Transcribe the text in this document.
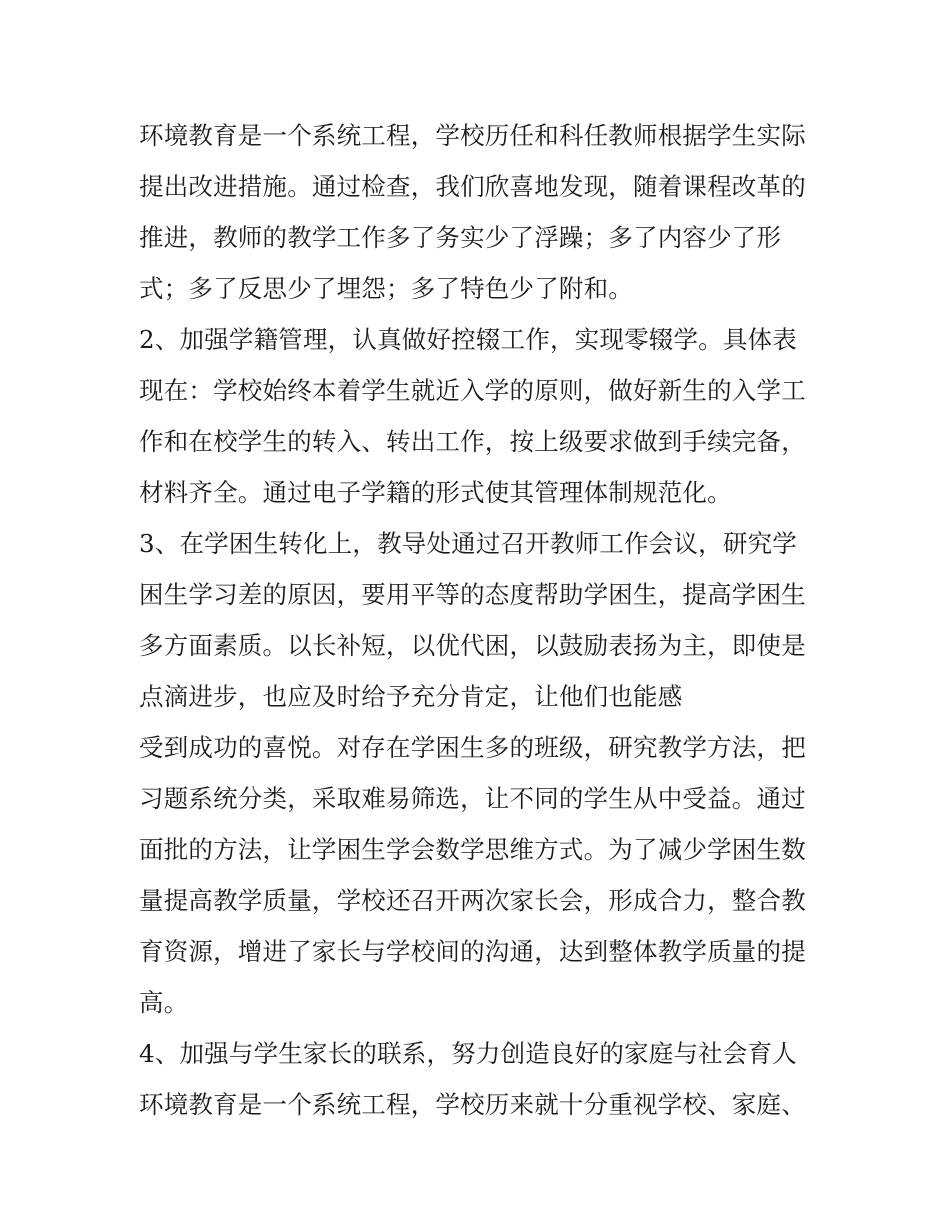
环境教育是一个系统工程，学校历任和科任教师根据学生实际
提出改进措施。通过检查，我们欣喜地发现，随着课程改革的
推进，教师的教学工作多了务实少了浮躁；多了内容少了形
式；多了反思少了埋怨；多了特色少了附和。
2、加强学籍管理，认真做好控辍工作，实现零辍学。具体表
现在：学校始终本着学生就近入学的原则，做好新生的入学工
作和在校学生的转入、转出工作，按上级要求做到手续完备，
材料齐全。通过电子学籍的形式使其管理体制规范化。
3、在学困生转化上，教导处通过召开教师工作会议，研究学
困生学习差的原因，要用平等的态度帮助学困生，提高学困生
多方面素质。以长补短，以优代困，以鼓励表扬为主，即使是
点滴进步，也应及时给予充分肯定，让他们也能感
受到成功的喜悦。对存在学困生多的班级，研究教学方法，把
习题系统分类，采取难易筛选，让不同的学生从中受益。通过
面批的方法，让学困生学会数学思维方式。为了减少学困生数
量提高教学质量，学校还召开两次家长会，形成合力，整合教
育资源，增进了家长与学校间的沟通，达到整体教学质量的提
高。
4、加强与学生家长的联系，努力创造良好的家庭与社会育人
环境教育是一个系统工程，学校历来就十分重视学校、家庭、
